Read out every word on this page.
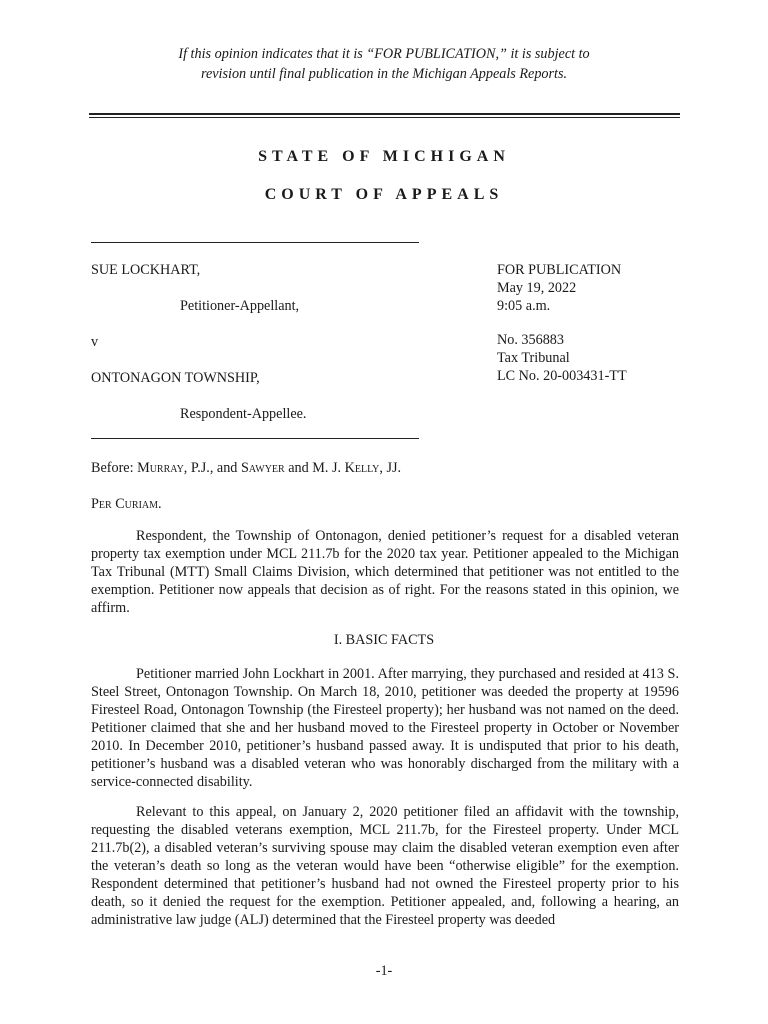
If this opinion indicates that it is “FOR PUBLICATION,” it is subject to
revision until final publication in the Michigan Appeals Reports.
STATE OF MICHIGAN
COURT OF APPEALS
SUE LOCKHART,
Petitioner-Appellant,
v
ONTONAGON TOWNSHIP,
Respondent-Appellee.
FOR PUBLICATION
May 19, 2022
9:05 a.m.
No. 356883
Tax Tribunal
LC No. 20-003431-TT
Before: Murray, P.J., and Sawyer and M. J. Kelly, JJ.
Per Curiam.
Respondent, the Township of Ontonagon, denied petitioner’s request for a disabled veteran property tax exemption under MCL 211.7b for the 2020 tax year. Petitioner appealed to the Michigan Tax Tribunal (MTT) Small Claims Division, which determined that petitioner was not entitled to the exemption. Petitioner now appeals that decision as of right. For the reasons stated in this opinion, we affirm.
I. BASIC FACTS
Petitioner married John Lockhart in 2001. After marrying, they purchased and resided at 413 S. Steel Street, Ontonagon Township. On March 18, 2010, petitioner was deeded the property at 19596 Firesteel Road, Ontonagon Township (the Firesteel property); her husband was not named on the deed. Petitioner claimed that she and her husband moved to the Firesteel property in October or November 2010. In December 2010, petitioner’s husband passed away. It is undisputed that prior to his death, petitioner’s husband was a disabled veteran who was honorably discharged from the military with a service-connected disability.
Relevant to this appeal, on January 2, 2020 petitioner filed an affidavit with the township, requesting the disabled veterans exemption, MCL 211.7b, for the Firesteel property. Under MCL 211.7b(2), a disabled veteran’s surviving spouse may claim the disabled veteran exemption even after the veteran’s death so long as the veteran would have been “otherwise eligible” for the exemption. Respondent determined that petitioner’s husband had not owned the Firesteel property prior to his death, so it denied the request for the exemption. Petitioner appealed, and, following a hearing, an administrative law judge (ALJ) determined that the Firesteel property was deeded
-1-
